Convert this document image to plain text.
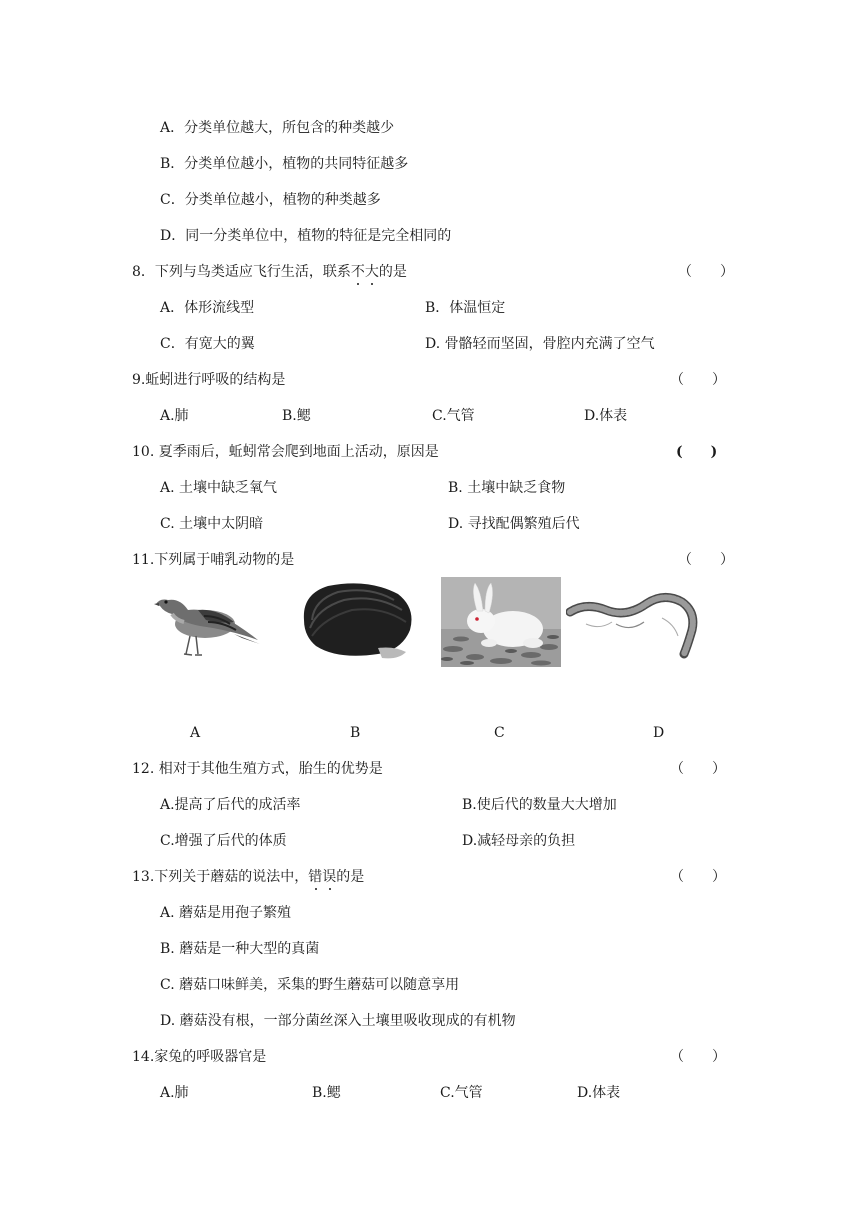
A．分类单位越大，所包含的种类越少
B．分类单位越小，植物的共同特征越多
C．分类单位越小，植物的种类越多
D．同一分类单位中，植物的特征是完全相同的
8．下列与鸟类适应飞行生活，联系不大的是	（　　）
A．体形流线型	B．体温恒定
C．有宽大的翼	D. 骨骼轻而坚固，骨腔内充满了空气
9.蚯蚓进行呼吸的结构是	（　　）
A.肺	B.鳃	C.气管	D.体表
10. 夏季雨后，蚯蚓常会爬到地面上活动，原因是	(　　)
A. 土壤中缺乏氧气	B. 土壤中缺乏食物
C. 土壤中太阴暗	D. 寻找配偶繁殖后代
11.下列属于哺乳动物的是	（　　）
A	B	C	D
12. 相对于其他生殖方式，胎生的优势是	（　　）
A.提高了后代的成活率	B.使后代的数量大大增加
C.增强了后代的体质	D.减轻母亲的负担
13.下列关于蘑菇的说法中，错误的是	（　　）
A. 蘑菇是用孢子繁殖
B. 蘑菇是一种大型的真菌
C. 蘑菇口味鲜美，采集的野生蘑菇可以随意享用
D. 蘑菇没有根，一部分菌丝深入土壤里吸收现成的有机物
14.家兔的呼吸器官是	（　　）
A.肺	B.鳃	C.气管	D.体表
